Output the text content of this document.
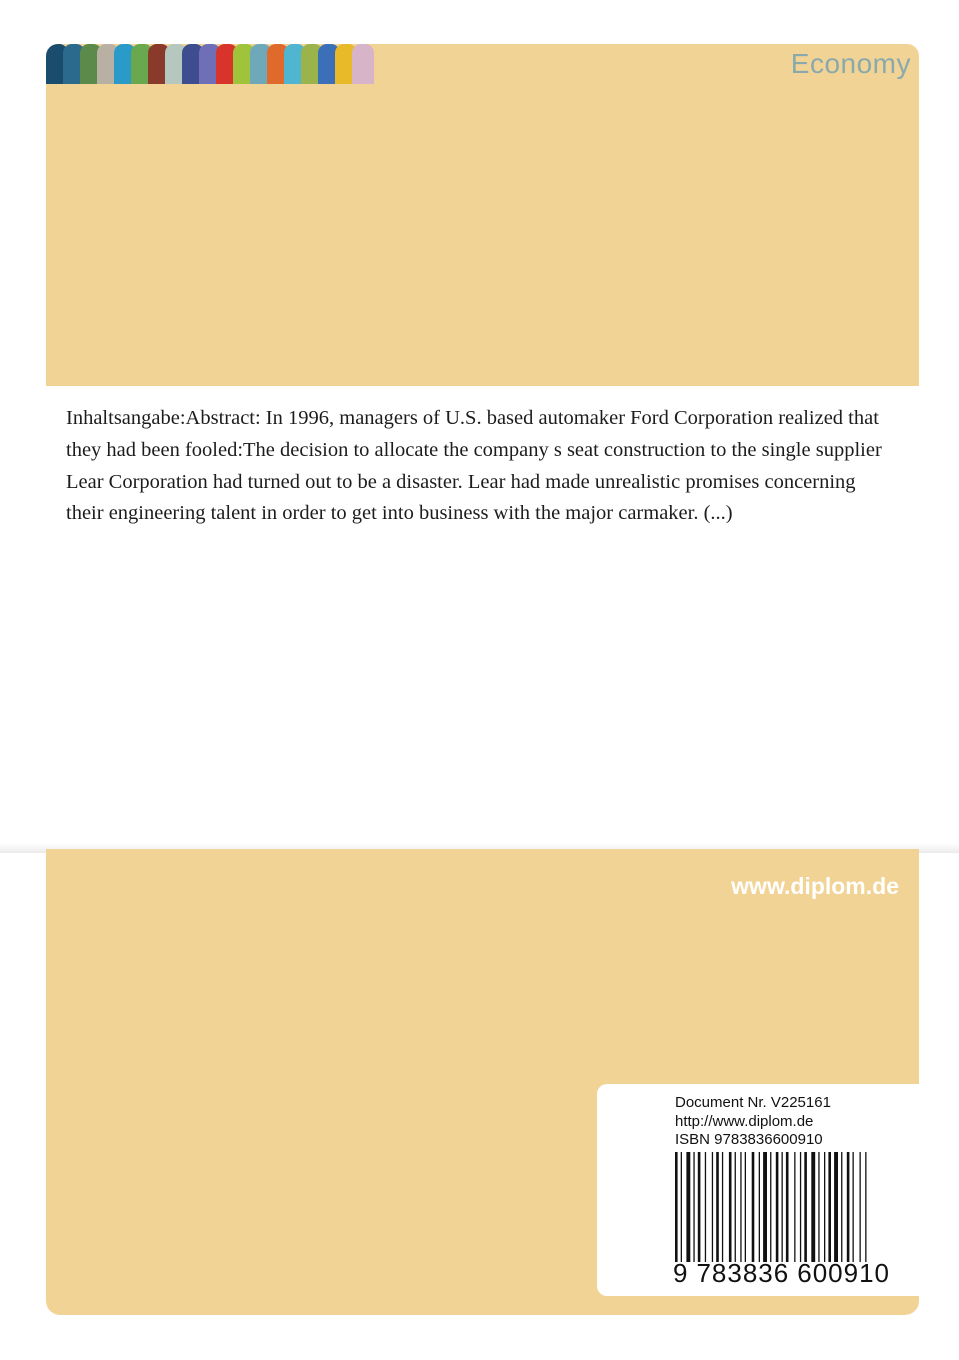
Economy

Inhaltsangabe:Abstract: In 1996, managers of U.S. based automaker Ford Corporation realized that they had been fooled:The decision to allocate the company s seat construction to the single supplier Lear Corporation had turned out to be a disaster. Lear had made unrealistic promises concerning their engineering talent in order to get into business with the major carmaker. (...)

www.diplom.de
Document Nr. V225161
http://www.diplom.de
ISBN 9783836600910
9 783836 600910
